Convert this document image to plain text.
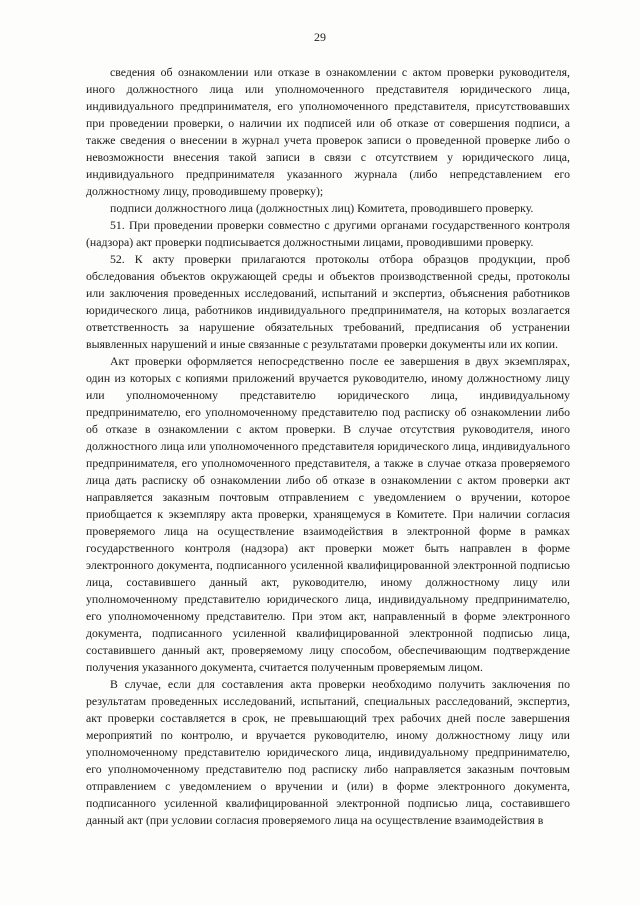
29

сведения об ознакомлении или отказе в ознакомлении с актом проверки руководителя, иного должностного лица или уполномоченного представителя юридического лица, индивидуального предпринимателя, его уполномоченного представителя, присутствовавших при проведении проверки, о наличии их подписей или об отказе от совершения подписи, а также сведения о внесении в журнал учета проверок записи о проведенной проверке либо о невозможности внесения такой записи в связи с отсутствием у юридического лица, индивидуального предпринимателя указанного журнала (либо непредставлением его должностному лицу, проводившему проверку);

подписи должностного лица (должностных лиц) Комитета, проводившего проверку.

51. При проведении проверки совместно с другими органами государственного контроля (надзора) акт проверки подписывается должностными лицами, проводившими проверку.

52. К акту проверки прилагаются протоколы отбора образцов продукции, проб обследования объектов окружающей среды и объектов производственной среды, протоколы или заключения проведенных исследований, испытаний и экспертиз, объяснения работников юридического лица, работников индивидуального предпринимателя, на которых возлагается ответственность за нарушение обязательных требований, предписания об устранении выявленных нарушений и иные связанные с результатами проверки документы или их копии.

Акт проверки оформляется непосредственно после ее завершения в двух экземплярах, один из которых с копиями приложений вручается руководителю, иному должностному лицу или уполномоченному представителю юридического лица, индивидуальному предпринимателю, его уполномоченному представителю под расписку об ознакомлении либо об отказе в ознакомлении с актом проверки. В случае отсутствия руководителя, иного должностного лица или уполномоченного представителя юридического лица, индивидуального предпринимателя, его уполномоченного представителя, а также в случае отказа проверяемого лица дать расписку об ознакомлении либо об отказе в ознакомлении с актом проверки акт направляется заказным почтовым отправлением с уведомлением о вручении, которое приобщается к экземпляру акта проверки, хранящемуся в Комитете. При наличии согласия проверяемого лица на осуществление взаимодействия в электронной форме в рамках государственного контроля (надзора) акт проверки может быть направлен в форме электронного документа, подписанного усиленной квалифицированной электронной подписью лица, составившего данный акт, руководителю, иному должностному лицу или уполномоченному представителю юридического лица, индивидуальному предпринимателю, его уполномоченному представителю. При этом акт, направленный в форме электронного документа, подписанного усиленной квалифицированной электронной подписью лица, составившего данный акт, проверяемому лицу способом, обеспечивающим подтверждение получения указанного документа, считается полученным проверяемым лицом.

В случае, если для составления акта проверки необходимо получить заключения по результатам проведенных исследований, испытаний, специальных расследований, экспертиз, акт проверки составляется в срок, не превышающий трех рабочих дней после завершения мероприятий по контролю, и вручается руководителю, иному должностному лицу или уполномоченному представителю юридического лица, индивидуальному предпринимателю, его уполномоченному представителю под расписку либо направляется заказным почтовым отправлением с уведомлением о вручении и (или) в форме электронного документа, подписанного усиленной квалифицированной электронной подписью лица, составившего данный акт (при условии согласия проверяемого лица на осуществление взаимодействия в
